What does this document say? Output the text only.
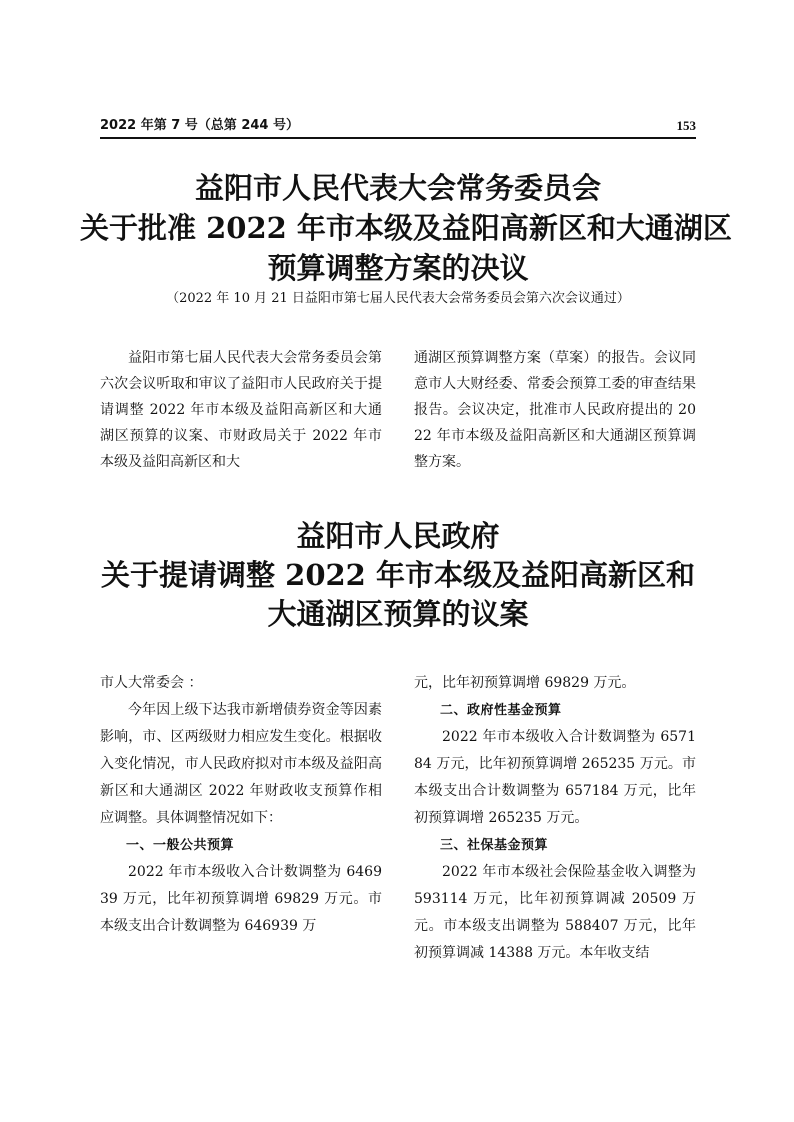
2022 年第 7 号（总第 244 号）	153
益阳市人民代表大会常务委员会
关于批准 2022 年市本级及益阳高新区和大通湖区
预算调整方案的决议
（2022 年 10 月 21 日益阳市第七届人民代表大会常务委员会第六次会议通过）

益阳市第七届人民代表大会常务委员会第六次会议听取和审议了益阳市人民政府关于提请调整 2022 年市本级及益阳高新区和大通湖区预算的议案、市财政局关于 2022 年市本级及益阳高新区和大

通湖区预算调整方案（草案）的报告。会议同意市人大财经委、常委会预算工委的审查结果报告。会议决定，批准市人民政府提出的 2022 年市本级及益阳高新区和大通湖区预算调整方案。

益阳市人民政府
关于提请调整 2022 年市本级及益阳高新区和
大通湖区预算的议案

市人大常委会 ：

今年因上级下达我市新增债券资金等因素影响，市、区两级财力相应发生变化。根据收入变化情况，市人民政府拟对市本级及益阳高新区和大通湖区 2022 年财政收支预算作相应调整。具体调整情况如下：

一、一般公共预算

2022 年市本级收入合计数调整为 646939 万元，比年初预算调增 69829 万元。市本级支出合计数调整为 646939 万

元，比年初预算调增 69829 万元。

二、政府性基金预算

2022 年市本级收入合计数调整为 657184 万元，比年初预算调增 265235 万元。市本级支出合计数调整为 657184 万元，比年初预算调增 265235 万元。

三、社保基金预算

2022 年市本级社会保险基金收入调整为 593114 万元，比年初预算调减 20509 万元。市本级支出调整为 588407 万元，比年初预算调减 14388 万元。本年收支结
